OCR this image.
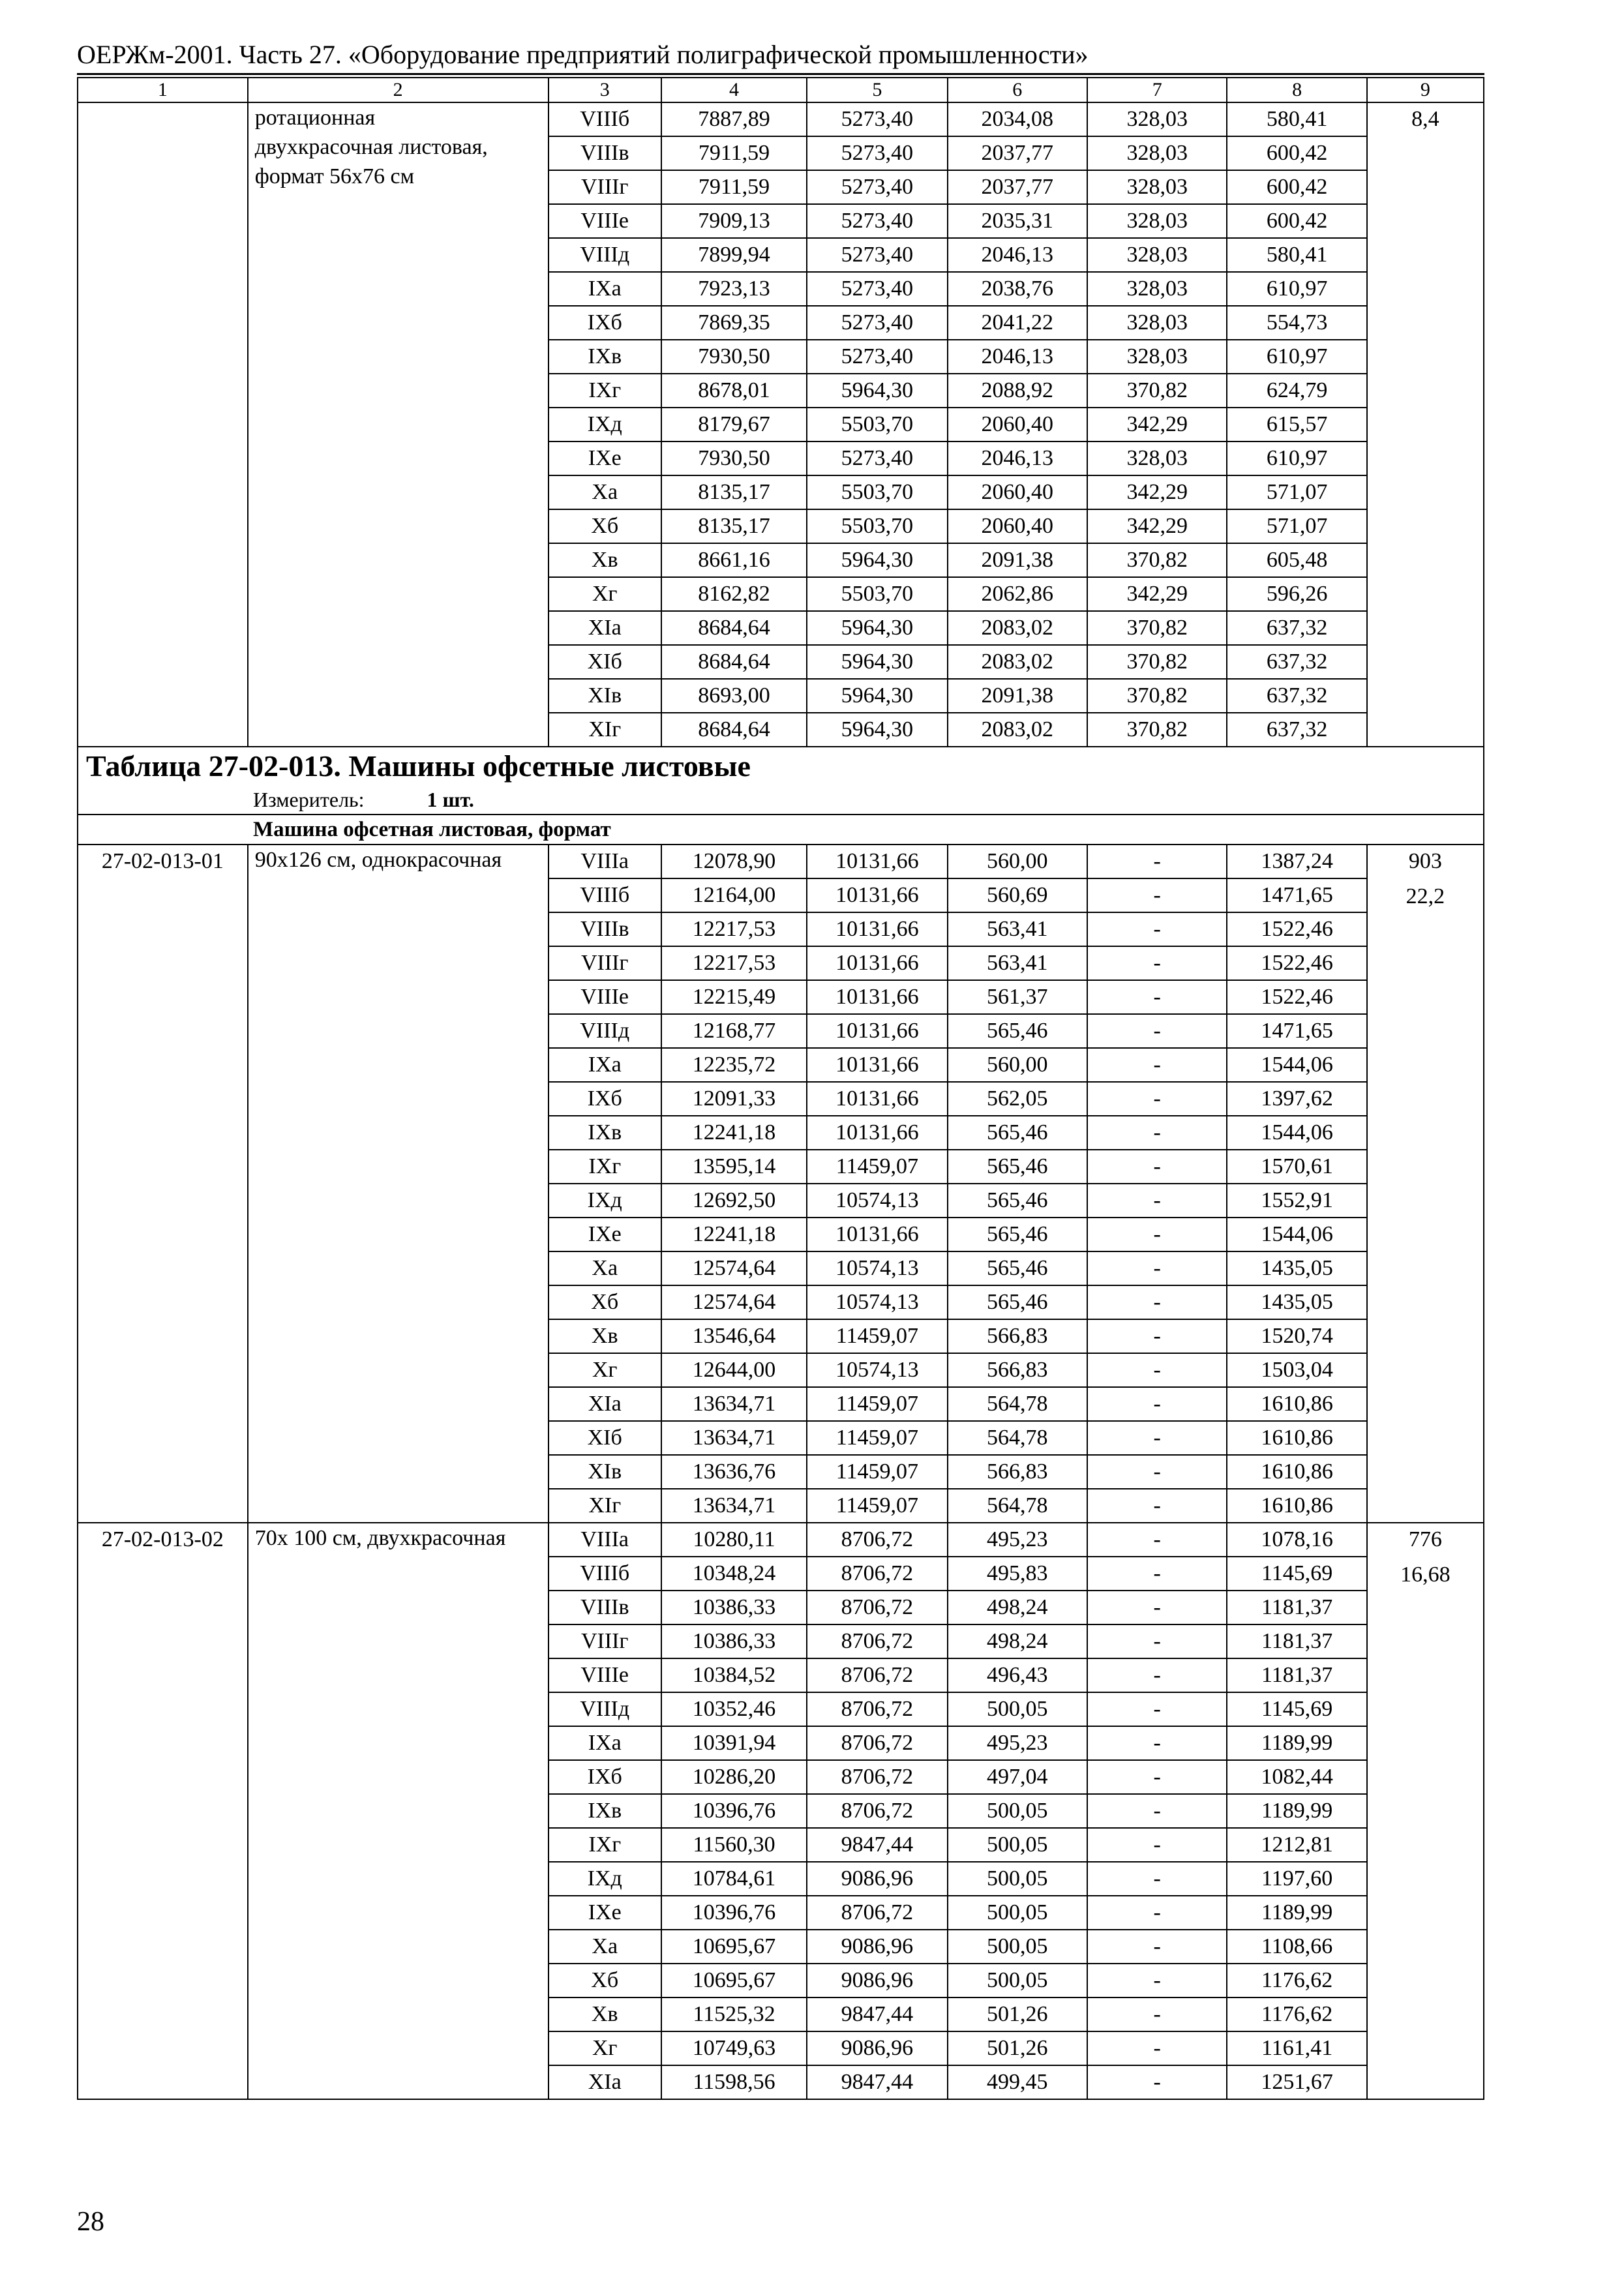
ОЕРЖм-2001. Часть 27. «Оборудование предприятий полиграфической промышленности»
1	2	3	4	5	6	7	8	9
	ротационная
двухкрасочная листовая,
формат 56х76 см	VIIIб	7887,89	5273,40	2034,08	328,03	580,41	8,4

		VIIIв	7911,59	5273,40	2037,77	328,03	600,42	
		VIIIг	7911,59	5273,40	2037,77	328,03	600,42	
		VIIIе	7909,13	5273,40	2035,31	328,03	600,42	
		VIIIд	7899,94	5273,40	2046,13	328,03	580,41	
		IХа	7923,13	5273,40	2038,76	328,03	610,97	
		IХб	7869,35	5273,40	2041,22	328,03	554,73	
		IХв	7930,50	5273,40	2046,13	328,03	610,97	
		IХг	8678,01	5964,30	2088,92	370,82	624,79	
		IХд	8179,67	5503,70	2060,40	342,29	615,57	
		IХе	7930,50	5273,40	2046,13	328,03	610,97	
		Ха	8135,17	5503,70	2060,40	342,29	571,07	
		Хб	8135,17	5503,70	2060,40	342,29	571,07	
		Хв	8661,16	5964,30	2091,38	370,82	605,48	
		Хг	8162,82	5503,70	2062,86	342,29	596,26	
		ХIа	8684,64	5964,30	2083,02	370,82	637,32	
		ХIб	8684,64	5964,30	2083,02	370,82	637,32	
		ХIв	8693,00	5964,30	2091,38	370,82	637,32	
		ХIг	8684,64	5964,30	2083,02	370,82	637,32	
Таблица 27-02-013. Машины офсетные листовые								
Измеритель: 1 шт.								
Машина офсетная листовая, формат								
27-02-013-01	90х126 см, однокрасочная	VIIIа	12078,90	10131,66	560,00	-	1387,24	903
22,2

		VIIIб	12164,00	10131,66	560,69	-	1471,65	
		VIIIв	12217,53	10131,66	563,41	-	1522,46	
		VIIIг	12217,53	10131,66	563,41	-	1522,46	
		VIIIе	12215,49	10131,66	561,37	-	1522,46	
		VIIIд	12168,77	10131,66	565,46	-	1471,65	
		IХа	12235,72	10131,66	560,00	-	1544,06	
		IХб	12091,33	10131,66	562,05	-	1397,62	
		IХв	12241,18	10131,66	565,46	-	1544,06	
		IХг	13595,14	11459,07	565,46	-	1570,61	
		IХд	12692,50	10574,13	565,46	-	1552,91	
		IХе	12241,18	10131,66	565,46	-	1544,06	
		Ха	12574,64	10574,13	565,46	-	1435,05	
		Хб	12574,64	10574,13	565,46	-	1435,05	
		Хв	13546,64	11459,07	566,83	-	1520,74	
		Хг	12644,00	10574,13	566,83	-	1503,04	
		ХIа	13634,71	11459,07	564,78	-	1610,86	
		ХIб	13634,71	11459,07	564,78	-	1610,86	
		ХIв	13636,76	11459,07	566,83	-	1610,86	
		ХIг	13634,71	11459,07	564,78	-	1610,86	
27-02-013-02	70х 100 см, двухкрасочная	VIIIа	10280,11	8706,72	495,23	-	1078,16	776
16,68

		VIIIб	10348,24	8706,72	495,83	-	1145,69	
		VIIIв	10386,33	8706,72	498,24	-	1181,37	
		VIIIг	10386,33	8706,72	498,24	-	1181,37	
		VIIIе	10384,52	8706,72	496,43	-	1181,37	
		VIIIд	10352,46	8706,72	500,05	-	1145,69	
		IХа	10391,94	8706,72	495,23	-	1189,99	
		IХб	10286,20	8706,72	497,04	-	1082,44	
		IХв	10396,76	8706,72	500,05	-	1189,99	
		IХг	11560,30	9847,44	500,05	-	1212,81	
		IХд	10784,61	9086,96	500,05	-	1197,60	
		IХе	10396,76	8706,72	500,05	-	1189,99	
		Ха	10695,67	9086,96	500,05	-	1108,66	
		Хб	10695,67	9086,96	500,05	-	1176,62	
		Хв	11525,32	9847,44	501,26	-	1176,62	
		Хг	10749,63	9086,96	501,26	-	1161,41	
		ХIа	11598,56	9847,44	499,45	-	1251,67	
28
